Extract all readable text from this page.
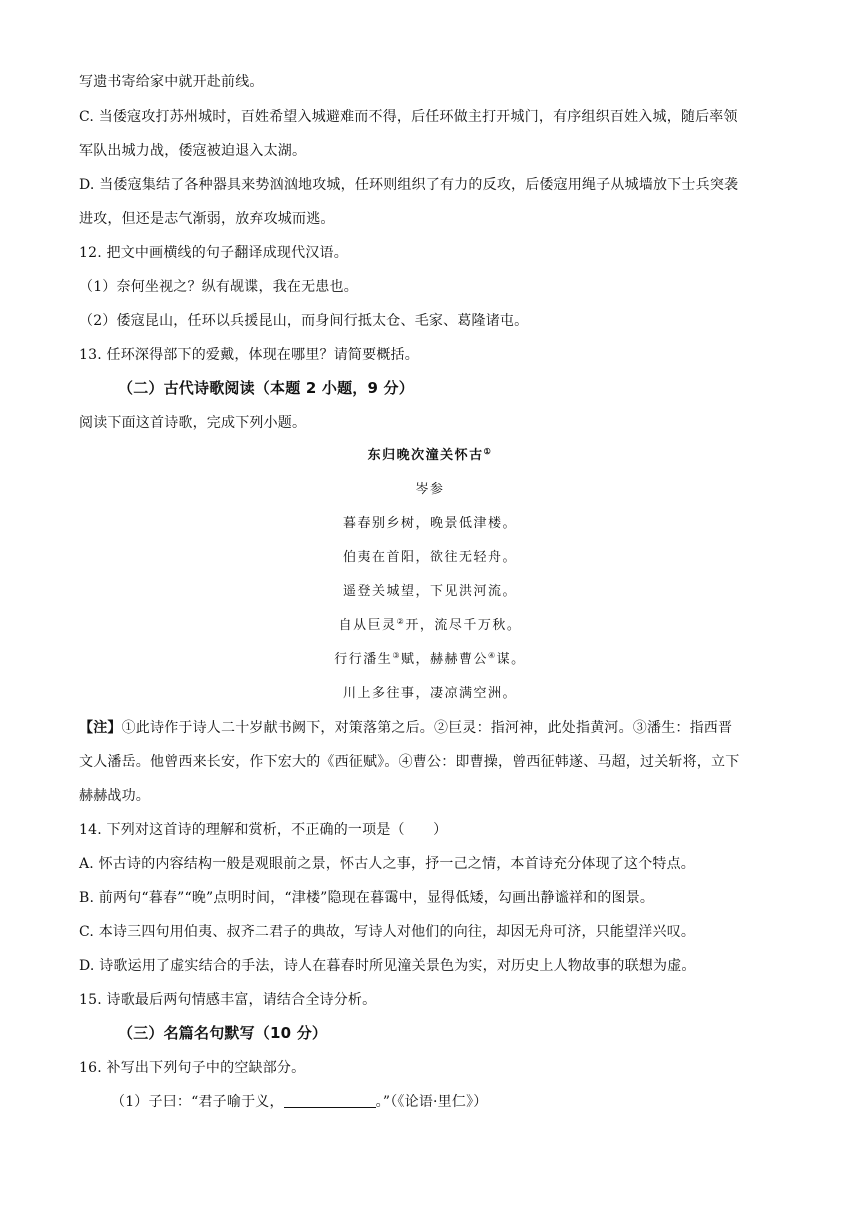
写遗书寄给家中就开赴前线。
C. 当倭寇攻打苏州城时，百姓希望入城避难而不得，后任环做主打开城门，有序组织百姓入城，随后率领
军队出城力战，倭寇被迫退入太湖。
D. 当倭寇集结了各种器具来势汹汹地攻城，任环则组织了有力的反攻，后倭寇用绳子从城墙放下士兵突袭
进攻，但还是志气渐弱，放弃攻城而逃。
12. 把文中画横线的句子翻译成现代汉语。
（1）奈何坐视之？纵有觇谍，我在无患也。
（2）倭寇昆山，任环以兵援昆山，而身间行抵太仓、毛家、葛隆诸屯。
13. 任环深得部下的爱戴，体现在哪里？请简要概括。
（二）古代诗歌阅读（本题 2 小题，9 分）
阅读下面这首诗歌，完成下列小题。
东归晚次潼关怀古①
岑参
暮春别乡树，晚景低津楼。
伯夷在首阳，欲往无轻舟。
遥登关城望，下见洪河流。
自从巨灵②开，流尽千万秋。
行行潘生③赋，赫赫曹公④谋。
川上多往事，凄凉满空洲。
【注】①此诗作于诗人二十岁献书阙下，对策落第之后。②巨灵：指河神，此处指黄河。③潘生：指西晋
文人潘岳。他曾西来长安，作下宏大的《西征赋》。④曹公：即曹操，曾西征韩遂、马超，过关斩将，立下
赫赫战功。
14. 下列对这首诗的理解和赏析，不正确的一项是（　　）
A. 怀古诗的内容结构一般是观眼前之景，怀古人之事，抒一己之情，本首诗充分体现了这个特点。
B. 前两句“暮春”“晚”点明时间，“津楼”隐现在暮霭中，显得低矮，勾画出静谧祥和的图景。
C. 本诗三四句用伯夷、叔齐二君子的典故，写诗人对他们的向往，却因无舟可济，只能望洋兴叹。
D. 诗歌运用了虚实结合的手法，诗人在暮春时所见潼关景色为实，对历史上人物故事的联想为虚。
15. 诗歌最后两句情感丰富，请结合全诗分析。
（三）名篇名句默写（10 分）
16. 补写出下列句子中的空缺部分。
（1）子曰：“君子喻于义，	。”（《论语·里仁》）
